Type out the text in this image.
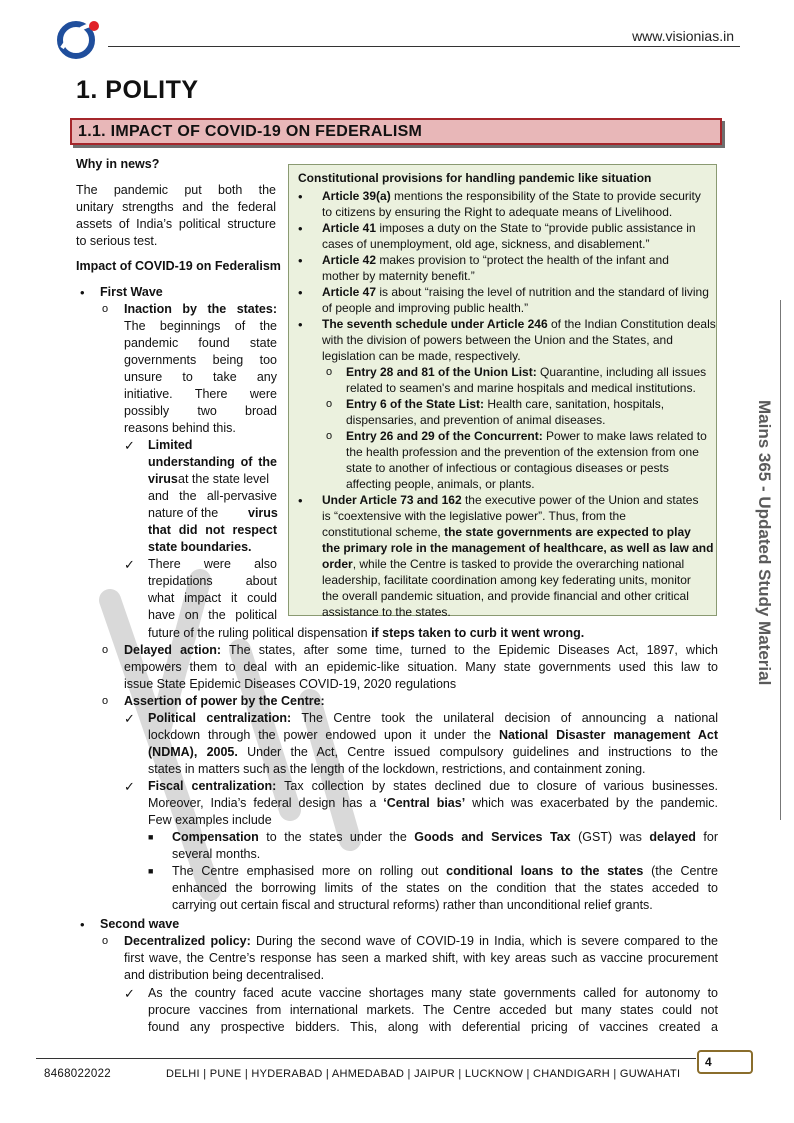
www.visionias.in
1. POLITY
1.1. IMPACT OF COVID-19 ON FEDERALISM
Mains 365 - Updated Study Material
Why in news?
The pandemic put both the
unitary strengths and the federal
assets of India’s political structure
to serious test.
Impact of COVID-19 on Federalism
• First Wave
o Inaction by the states:
The beginnings of the
pandemic found state
governments being too
unsure to take any
initiative. There were
possibly two broad
reasons behind this.
✓ Limited
understanding of the
virus at the state level
and the all-pervasive
nature of the virus
that did not respect
state boundaries.
✓ There were also
trepidations about
what impact it could
have on the political
Constitutional provisions for handling pandemic like situation
• Article 39(a) mentions the responsibility of the State to provide security
to citizens by ensuring the Right to adequate means of Livelihood.
• Article 41 imposes a duty on the State to “provide public assistance in
cases of unemployment, old age, sickness, and disablement.”
• Article 42 makes provision to “protect the health of the infant and
mother by maternity benefit.”
• Article 47 is about “raising the level of nutrition and the standard of living
of people and improving public health.”
• The seventh schedule under Article 246 of the Indian Constitution deals
with the division of powers between the Union and the States, and
legislation can be made, respectively.
o Entry 28 and 81 of the Union List: Quarantine, including all issues
related to seamen's and marine hospitals and medical institutions.
o Entry 6 of the State List: Health care, sanitation, hospitals,
dispensaries, and prevention of animal diseases.
o Entry 26 and 29 of the Concurrent: Power to make laws related to
the health profession and the prevention of the extension from one
state to another of infectious or contagious diseases or pests
affecting people, animals, or plants.
• Under Article 73 and 162 the executive power of the Union and states
is “coextensive with the legislative power”. Thus, from the
constitutional scheme, the state governments are expected to play
the primary role in the management of healthcare, as well as law and
order, while the Centre is tasked to provide the overarching national
leadership, facilitate coordination among key federating units, monitor
the overall pandemic situation, and provide financial and other critical
assistance to the states.
future of the ruling political dispensation if steps taken to curb it went wrong.
o Delayed action: The states, after some time, turned to the Epidemic Diseases Act, 1897, which
empowers them to deal with an epidemic-like situation. Many state governments used this law to
issue State Epidemic Diseases COVID-19, 2020 regulations
o Assertion of power by the Centre:
✓ Political centralization: The Centre took the unilateral decision of announcing a national
lockdown through the power endowed upon it under the National Disaster management Act
(NDMA), 2005. Under the Act, Centre issued compulsory guidelines and instructions to the
states in matters such as the length of the lockdown, restrictions, and containment zoning.
✓ Fiscal centralization: Tax collection by states declined due to closure of various businesses.
Moreover, India’s federal design has a ‘Central bias’ which was exacerbated by the pandemic.
Few examples include
■ Compensation to the states under the Goods and Services Tax (GST) was delayed for
several months.
■ The Centre emphasised more on rolling out conditional loans to the states (the Centre
enhanced the borrowing limits of the states on the condition that the states acceded to
carrying out certain fiscal and structural reforms) rather than unconditional relief grants.
• Second wave
o Decentralized policy: During the second wave of COVID-19 in India, which is severe compared to the
first wave, the Centre’s response has seen a marked shift, with key areas such as vaccine procurement
and distribution being decentralised.
✓ As the country faced acute vaccine shortages many state governments called for autonomy to
procure vaccines from international markets. The Centre acceded but many states could not
found any prospective bidders. This, along with deferential pricing of vaccines created a
4
8468022022	DELHI | PUNE | HYDERABAD | AHMEDABAD | JAIPUR | LUCKNOW | CHANDIGARH | GUWAHATI
